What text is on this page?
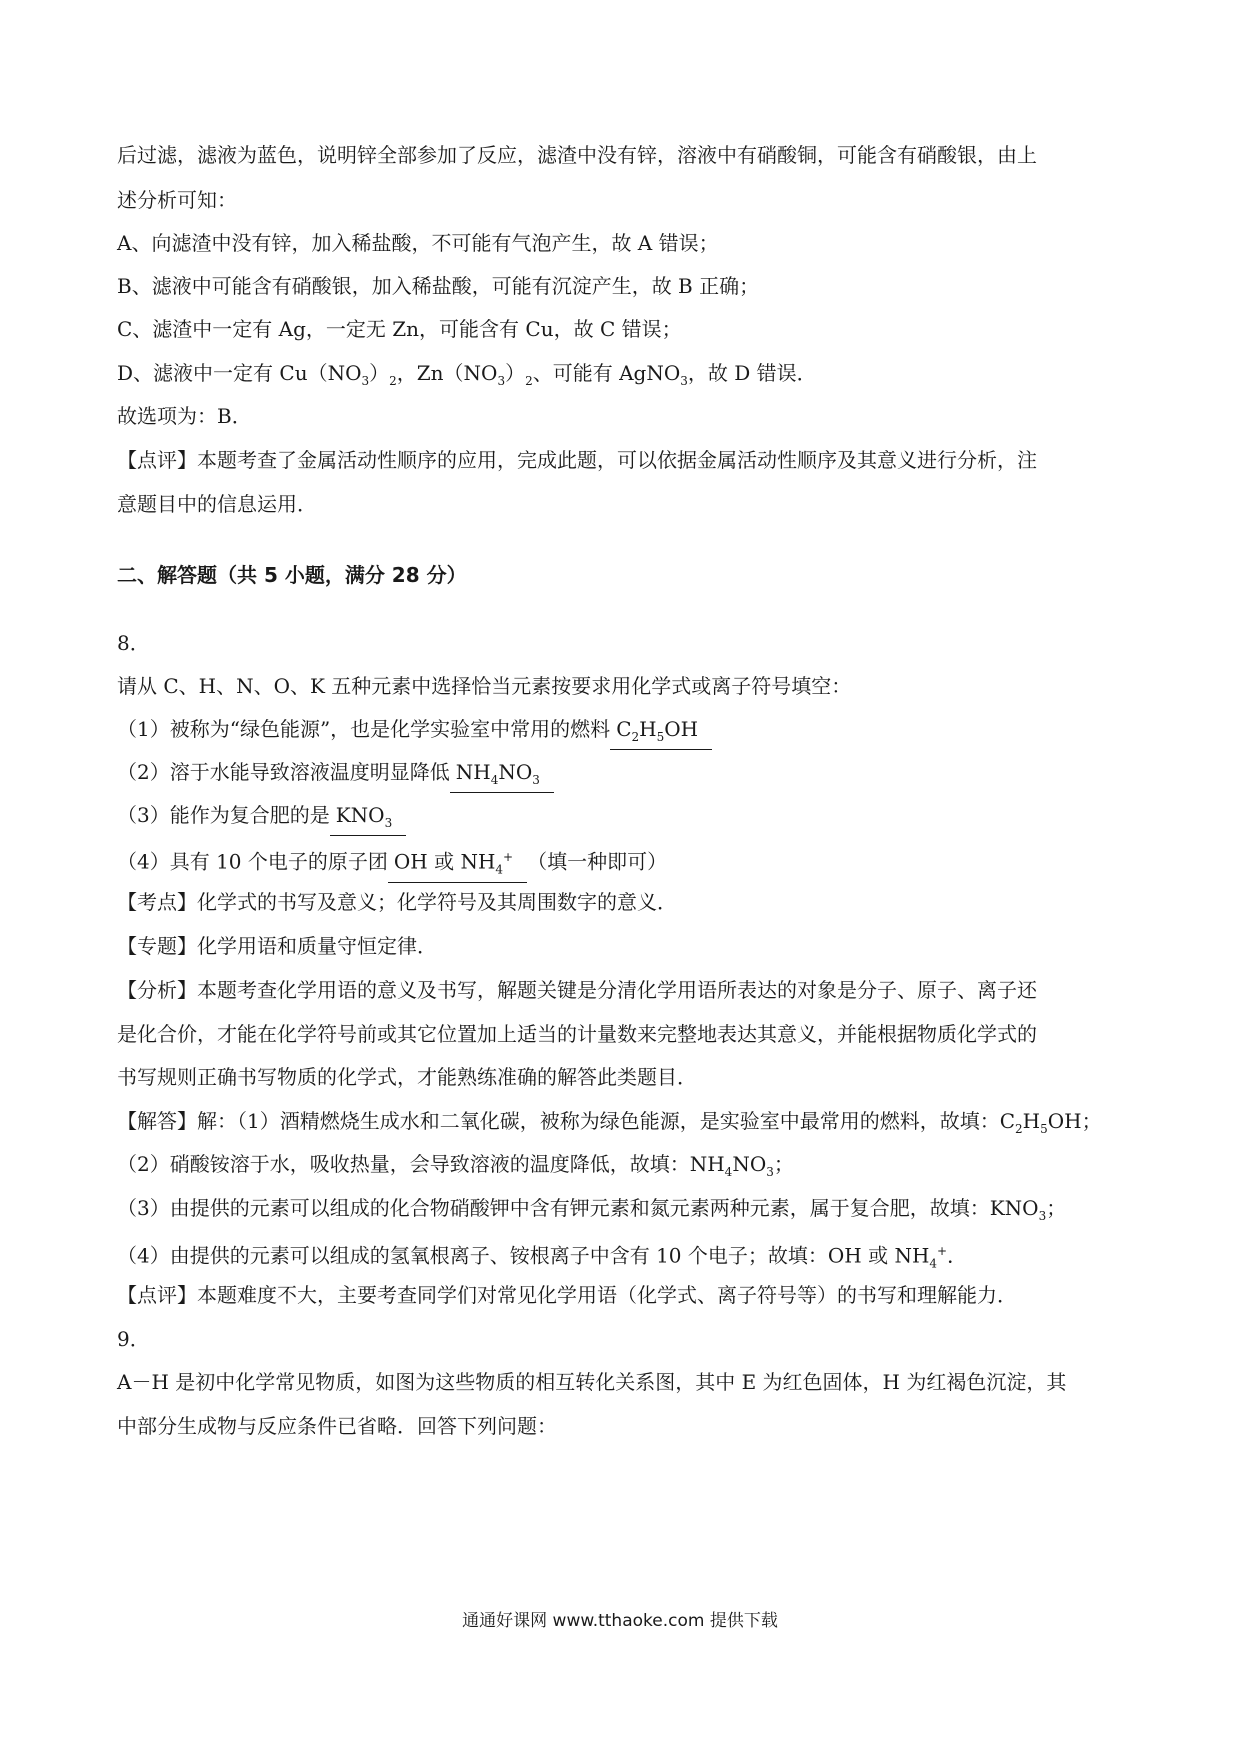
后过滤，滤液为蓝色，说明锌全部参加了反应，滤渣中没有锌，溶液中有硝酸铜，可能含有硝酸银，由上
述分析可知：
A、向滤渣中没有锌，加入稀盐酸，不可能有气泡产生，故 A 错误；
B、滤液中可能含有硝酸银，加入稀盐酸，可能有沉淀产生，故 B 正确；
C、滤渣中一定有 Ag，一定无 Zn，可能含有 Cu，故 C 错误；
D、滤液中一定有 $Cu(NO_3)_2$，$Zn(NO_3)_2$、可能有 AgNO$_3$，故 D 错误．
故选项为：B．
【点评】本题考查了金属活动性顺序的应用，完成此题，可以依据金属活动性顺序及其意义进行分析，注
意题目中的信息运用．
二、解答题（共 5 小题，满分 28 分）
8．
请从 C、H、N、O、K 五种元素中选择恰当元素按要求用化学式或离子符号填空：
（1）被称为“绿色能源”，也是化学实验室中常用的燃料 $C_2H_5OH$
（2）溶于水能导致溶液温度明显降低 $NH_4NO_3$
（3）能作为复合肥的是 $KNO_3$
（4）具有 10 个电子的原子团 OH 或 $NH_4^+$ （填一种即可）
【考点】化学式的书写及意义；化学符号及其周围数字的意义．
【专题】化学用语和质量守恒定律．
【分析】本题考查化学用语的意义及书写，解题关键是分清化学用语所表达的对象是分子、原子、离子还
是化合价，才能在化学符号前或其它位置加上适当的计量数来完整地表达其意义，并能根据物质化学式的
书写规则正确书写物质的化学式，才能熟练准确的解答此类题目．
【解答】解：（1）酒精燃烧生成水和二氧化碳，被称为绿色能源，是实验室中最常用的燃料，故填：$C_2H_5OH$；
（2）硝酸铵溶于水，吸收热量，会导致溶液的温度降低，故填：$NH_4NO_3$；
（3）由提供的元素可以组成的化合物硝酸钾中含有钾元素和氮元素两种元素，属于复合肥，故填：$KNO_3$；
（4）由提供的元素可以组成的氢氧根离子、铵根离子中含有 10 个电子；故填：OH 或 $NH_4^+$．
【点评】本题难度不大，主要考查同学们对常见化学用语（化学式、离子符号等）的书写和理解能力．
9．
A－H 是初中化学常见物质，如图为这些物质的相互转化关系图，其中 E 为红色固体，H 为红褐色沉淀，其
中部分生成物与反应条件已省略．回答下列问题：
通通好课网 www.tthaoke.com 提供下载
